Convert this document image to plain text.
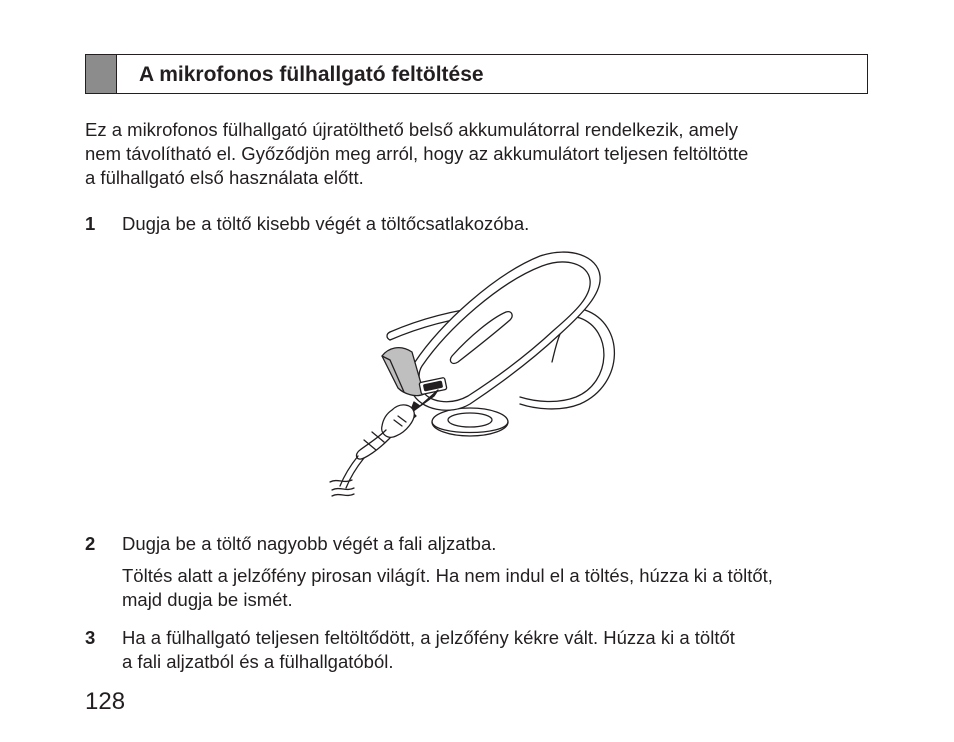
A mikrofonos fülhallgató feltöltése
Ez a mikrofonos fülhallgató újratölthető belső akkumulátorral rendelkezik, amely
nem távolítható el. Győződjön meg arról, hogy az akkumulátort teljesen feltöltötte
a fülhallgató első használata előtt.
1 Dugja be a töltő kisebb végét a töltőcsatlakozóba.
2 Dugja be a töltő nagyobb végét a fali aljzatba.
Töltés alatt a jelzőfény pirosan világít. Ha nem indul el a töltés, húzza ki a töltőt,
majd dugja be ismét.
3 Ha a fülhallgató teljesen feltöltődött, a jelzőfény kékre vált. Húzza ki a töltőt
a fali aljzatból és a fülhallgatóból.
128
